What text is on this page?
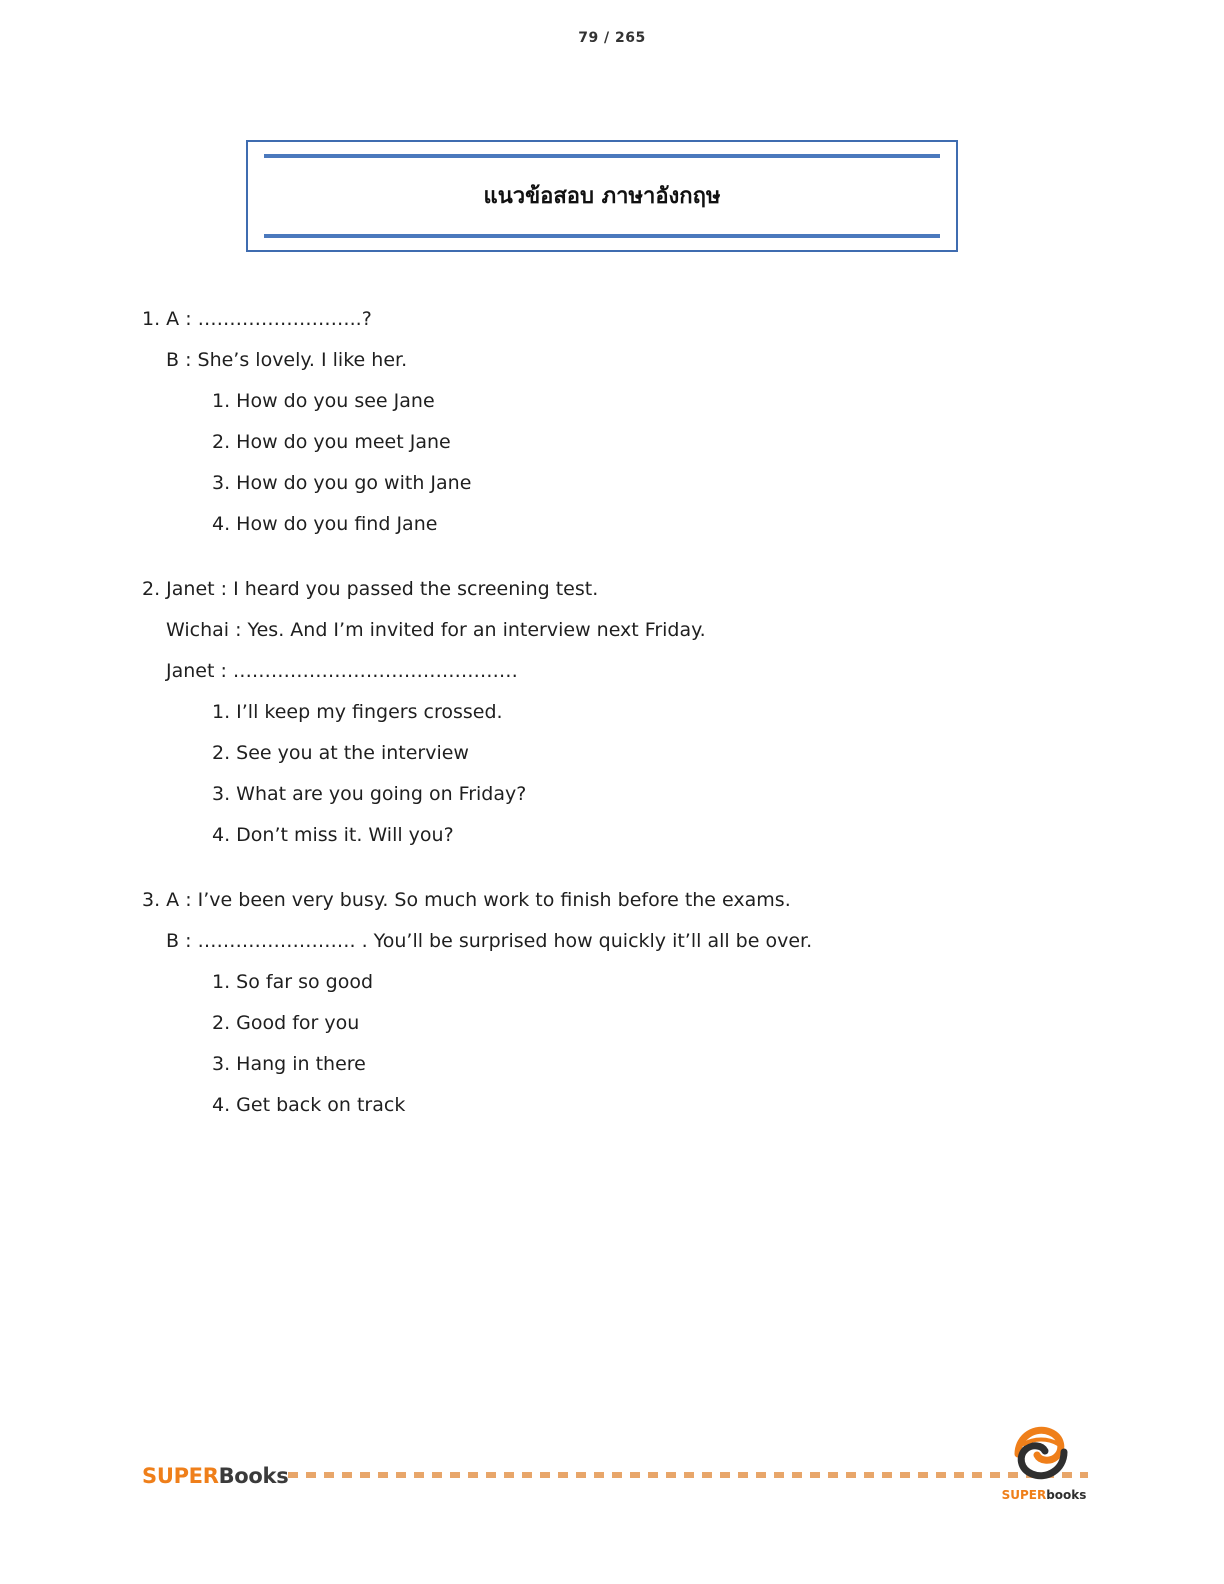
79 / 265
แนวข้อสอบ ภาษาอังกฤษ
1. A : ……………………..?
B : She’s lovely. I like her.
1. How do you see Jane
2. How do you meet Jane
3. How do you go with Jane
4. How do you find Jane
2. Janet : I heard you passed the screening test.
Wichai : Yes. And I’m invited for an interview next Friday.
Janet : ………………………………………
1. I’ll keep my fingers crossed.
2. See you at the interview
3. What are you going on Friday?
4. Don’t miss it. Will you?
3. A : I’ve been very busy. So much work to finish before the exams.
B : ……………………. . You’ll be surprised how quickly it’ll all be over.
1. So far so good
2. Good for you
3. Hang in there
4. Get back on track
SUPERBooks
SUPERbooks
